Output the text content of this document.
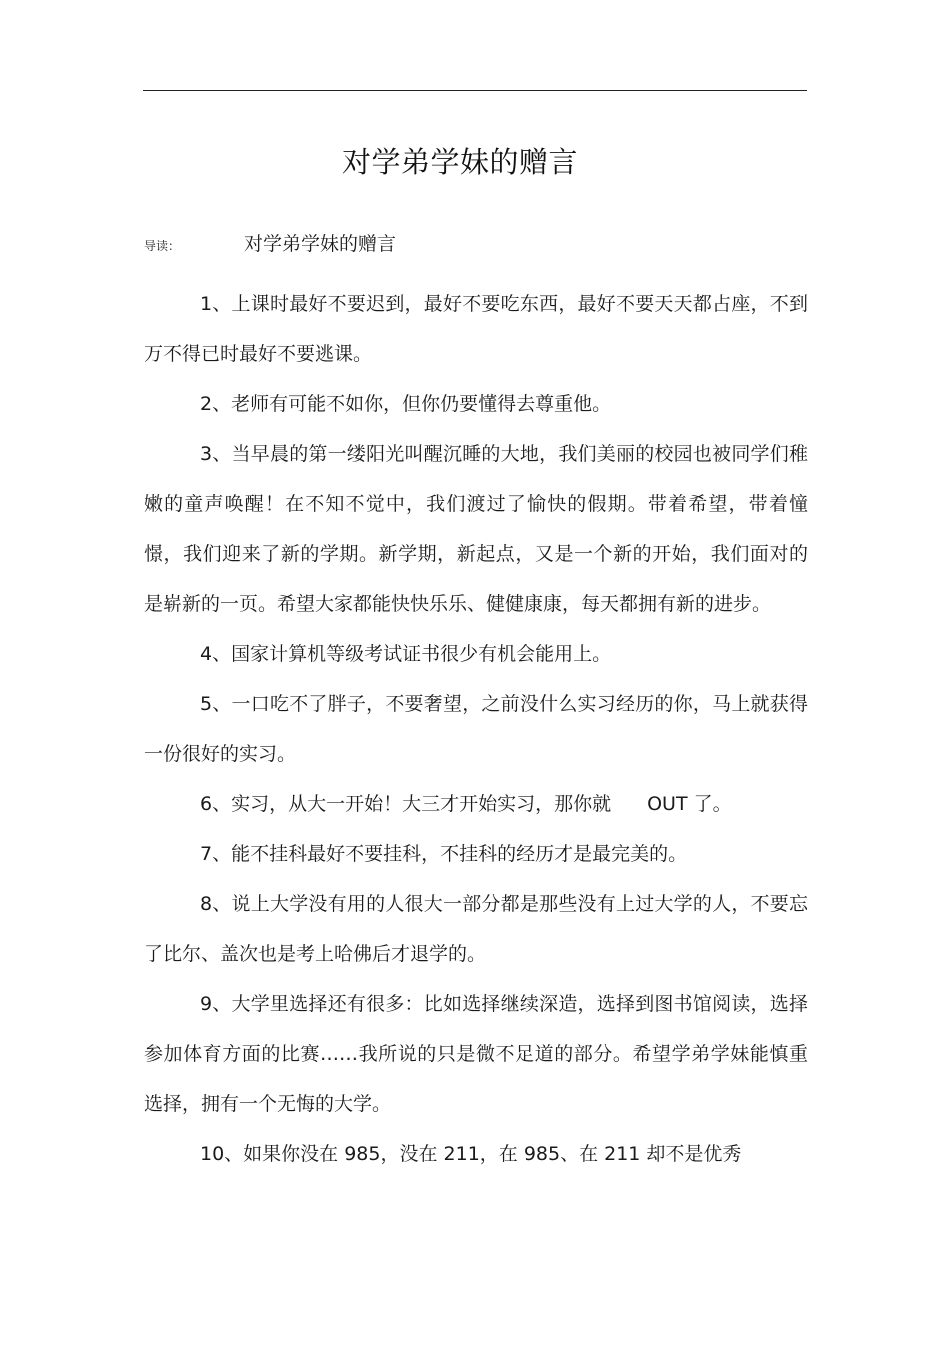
对学弟学妹的赠言
导读：	对学弟学妹的赠言

1、上课时最好不要迟到，最好不要吃东西，最好不要天天都占座，不到万不得已时最好不要逃课。

2、老师有可能不如你，但你仍要懂得去尊重他。

3、当早晨的第一缕阳光叫醒沉睡的大地，我们美丽的校园也被同学们稚嫩的童声唤醒！在不知不觉中，我们渡过了愉快的假期。带着希望，带着憧憬，我们迎来了新的学期。新学期，新起点，又是一个新的开始，我们面对的是崭新的一页。希望大家都能快快乐乐、健健康康，每天都拥有新的进步。

4、国家计算机等级考试证书很少有机会能用上。

5、一口吃不了胖子，不要奢望，之前没什么实习经历的你，马上就获得一份很好的实习。

6、实习，从大一开始！大三才开始实习，那你就 OUT 了。

7、能不挂科最好不要挂科，不挂科的经历才是最完美的。

8、说上大学没有用的人很大一部分都是那些没有上过大学的人，不要忘了比尔、盖次也是考上哈佛后才退学的。

9、大学里选择还有很多：比如选择继续深造，选择到图书馆阅读，选择参加体育方面的比赛……我所说的只是微不足道的部分。希望学弟学妹能慎重选择，拥有一个无悔的大学。

10、如果你没在 985，没在 211，在 985、在 211 却不是优秀
